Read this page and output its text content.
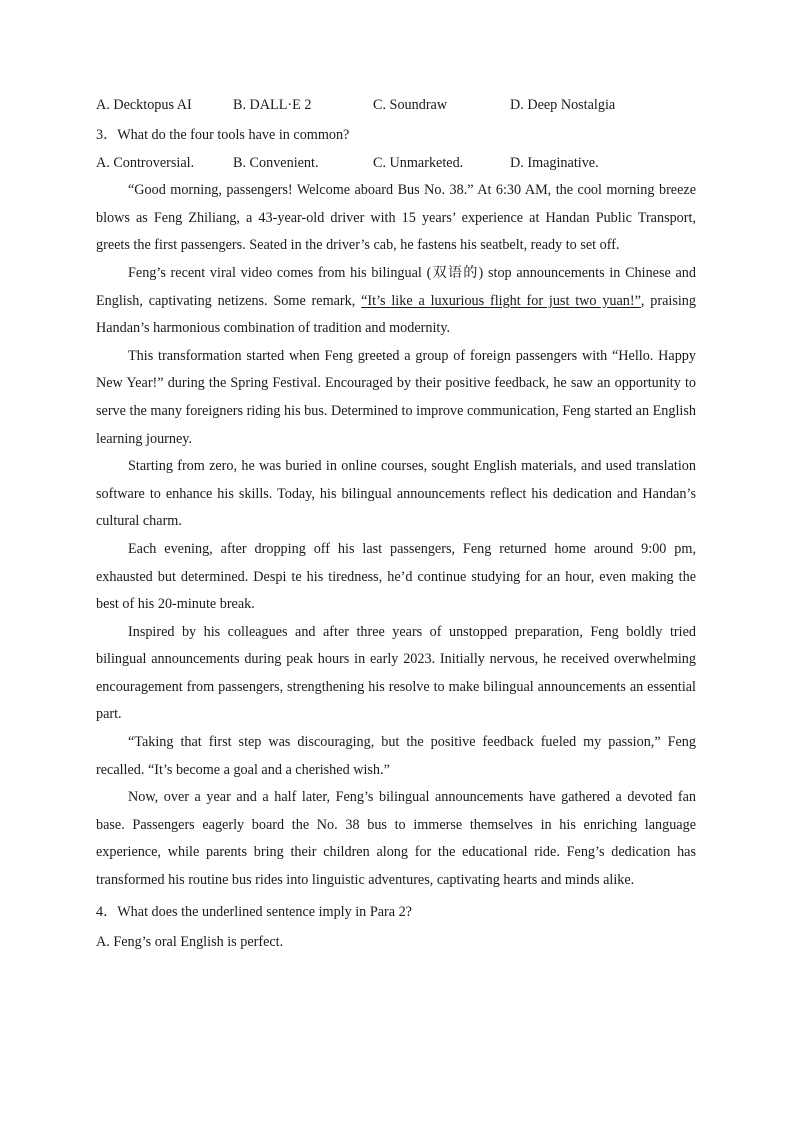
A. Decktopus AI	B. DALL·E 2	C. Soundraw	D. Deep Nostalgia
3．What do the four tools have in common?
A. Controversial.	B. Convenient.	C. Unmarketed.	D. Imaginative.

“Good morning, passengers! Welcome aboard Bus No. 38.” At 6:30 AM, the cool morning breeze blows as Feng Zhiliang, a 43-year-old driver with 15 years’ experience at Handan Public Transport, greets the first passengers. Seated in the driver’s cab, he fastens his seatbelt, ready to set off.

Feng’s recent viral video comes from his bilingual (双语的) stop announcements in Chinese and English, captivating netizens. Some remark, “It’s like a luxurious flight for just two yuan!”, praising Handan’s harmonious combination of tradition and modernity.

This transformation started when Feng greeted a group of foreign passengers with “Hello. Happy New Year!” during the Spring Festival. Encouraged by their positive feedback, he saw an opportunity to serve the many foreigners riding his bus. Determined to improve communication, Feng started an English learning journey.

Starting from zero, he was buried in online courses, sought English materials, and used translation software to enhance his skills. Today, his bilingual announcements reflect his dedication and Handan’s cultural charm.

Each evening, after dropping off his last passengers, Feng returned home around 9:00 pm, exhausted but determined. Despi te his tiredness, he’d continue studying for an hour, even making the best of his 20-minute break.

Inspired by his colleagues and after three years of unstopped preparation, Feng boldly tried bilingual announcements during peak hours in early 2023. Initially nervous, he received overwhelming encouragement from passengers, strengthening his resolve to make bilingual announcements an essential part.

“Taking that first step was discouraging, but the positive feedback fueled my passion,” Feng recalled. “It’s become a goal and a cherished wish.”

Now, over a year and a half later, Feng’s bilingual announcements have gathered a devoted fan base. Passengers eagerly board the No. 38 bus to immerse themselves in his enriching language experience, while parents bring their children along for the educational ride. Feng’s dedication has transformed his routine bus rides into linguistic adventures, captivating hearts and minds alike.

4．What does the underlined sentence imply in Para 2?
A. Feng’s oral English is perfect.
